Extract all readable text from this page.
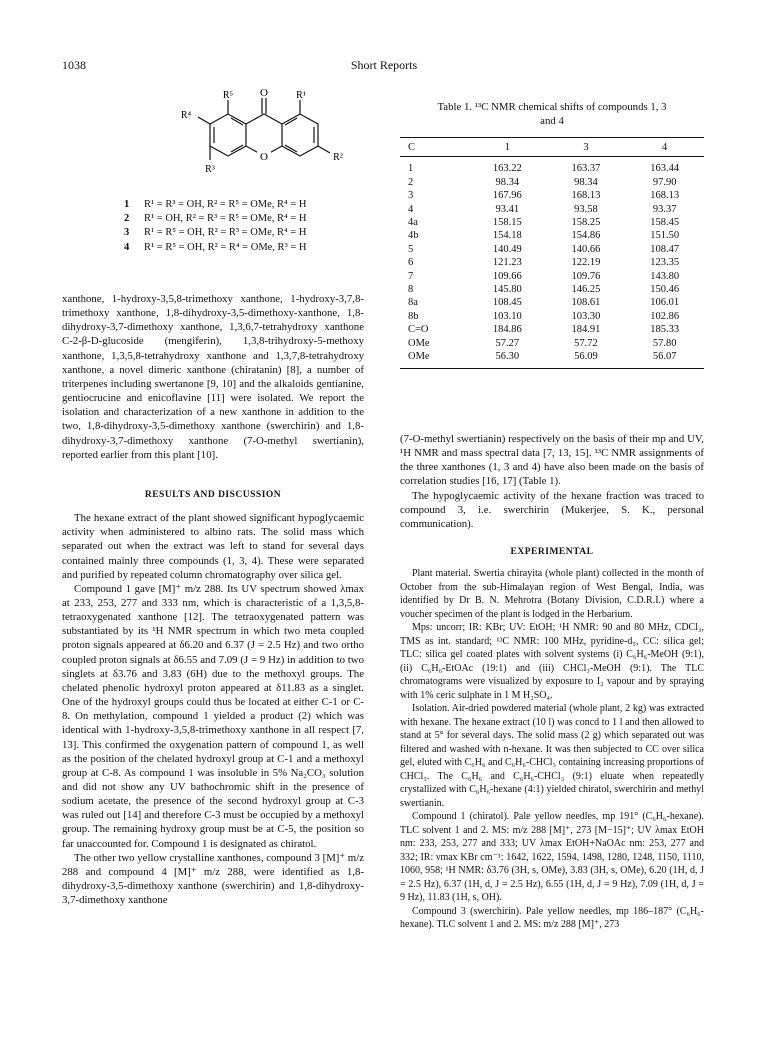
1038	Short Reports
O
O
R⁵	R¹
R⁴
R²
R³
1 R¹ = R³ = OH, R² = R⁵ = OMe, R⁴ = H
2 R¹ = OH, R² = R³ = R⁵ = OMe, R⁴ = H
3 R¹ = R⁵ = OH, R² = R³ = OMe, R⁴ = H
4 R¹ = R⁵ = OH, R² = R⁴ = OMe, R³ = H
Table 1. ¹³C NMR chemical shifts of compounds 1, 3
and 4
C	1	3	4
1	163.22	163.37	163.44
2	98.34	98.34	97.90
3	167.96	168.13	168.13
4	93.41	93.58	93.37
4a	158.15	158.25	158.45
4b	154.18	154.86	151.50
5	140.49	140.66	108.47
6	121.23	122.19	123.35
7	109.66	109.76	143.80
8	145.80	146.25	150.46
8a	108.45	108.61	106.01
8b	103.10	103.30	102.86
C=O	184.86	184.91	185.33
OMe	57.27	57.72	57.80
OMe	56.30	56.09	56.07

xanthone, 1-hydroxy-3,5,8-trimethoxy xanthone, 1-hydroxy-3,7,8-trimethoxy xanthone, 1,8-dihydroxy-3,5-dimethoxy-xanthone, 1,8-dihydroxy-3,7-dimethoxy xanthone, 1,3,6,7-tetrahydroxy xanthone C-2-β-D-glucoside (mengiferin), 1,3,8-trihydroxy-5-methoxy xanthone, 1,3,5,8-tetrahydroxy xanthone and 1,3,7,8-tetrahydroxy xanthone, a novel dimeric xanthone (chiratanin) [8], a number of triterpenes including swertanone [9, 10] and the alkaloids gentianine, gentiocrucine and enicoflavine [11] were isolated. We report the isolation and characterization of a new xanthone in addition to the two, 1,8-dihydroxy-3,5-dimethoxy xanthone (swerchirin) and 1,8-dihydroxy-3,7-dimethoxy xanthone (7-O-methyl swertianin), reported earlier from this plant [10].

RESULTS AND DISCUSSION

The hexane extract of the plant showed significant hypoglycaemic activity when administered to albino rats. The solid mass which separated out when the extract was left to stand for several days contained mainly three compounds (1, 3, 4). These were separated and purified by repeated column chromatography over silica gel.

Compound 1 gave [M]⁺ m/z 288. Its UV spectrum showed λmax at 233, 253, 277 and 333 nm, which is characteristic of a 1,3,5,8-tetraoxygenated xanthone [12]. The tetraoxygenated pattern was substantiated by its ¹H NMR spectrum in which two meta coupled proton signals appeared at δ6.20 and 6.37 (J = 2.5 Hz) and two ortho coupled proton signals at δ6.55 and 7.09 (J = 9 Hz) in addition to two singlets at δ3.76 and 3.83 (6H) due to the methoxyl groups. The chelated phenolic hydroxyl proton appeared at δ11.83 as a singlet. One of the hydroxyl groups could thus be located at either C-1 or C-8. On methylation, compound 1 yielded a product (2) which was identical with 1-hydroxy-3,5,8-trimethoxy xanthone in all respect [7, 13]. This confirmed the oxygenation pattern of compound 1, as well as the position of the chelated hydroxyl group at C-1 and a methoxyl group at C-8. As compound 1 was insoluble in 5% Na₂CO₃ solution and did not show any UV bathochromic shift in the presence of sodium acetate, the presence of the second hydroxyl group at C-3 was ruled out [14] and therefore C-3 must be occupied by a methoxyl group. The remaining hydroxy group must be at C-5, the position so far unaccounted for. Compound 1 is designated as chiratol.

The other two yellow crystalline xanthones, compound 3 [M]⁺ m/z 288 and compound 4 [M]⁺ m/z 288, were identified as 1,8-dihydroxy-3,5-dimethoxy xanthone (swerchirin) and 1,8-dihydroxy-3,7-dimethoxy xanthone

(7-O-methyl swertianin) respectively on the basis of their mp and UV, ¹H NMR and mass spectral data [7, 13, 15]. ¹³C NMR assignments of the three xanthones (1, 3 and 4) have also been made on the basis of correlation studies [16, 17] (Table 1).

The hypoglycaemic activity of the hexane fraction was traced to compound 3, i.e. swerchirin (Mukerjee, S. K., personal communication).

EXPERIMENTAL

Plant material. Swertia chirayita (whole plant) collected in the month of October from the sub-Himalayan region of West Bengal, India, was identified by Dr B. N. Mehrotra (Botany Division, C.D.R.I.) where a voucher specimen of the plant is lodged in the Herbarium.

Mps: uncorr; IR: KBr; UV: EtOH; ¹H NMR: 90 and 80 MHz, CDCl₃, TMS as int. standard; ¹³C NMR: 100 MHz, pyridine-d₅, CC: silica gel; TLC: silica gel coated plates with solvent systems (i) C₆H₆-MeOH (9:1), (ii) C₆H₆-EtOAc (19:1) and (iii) CHCl₃-MeOH (9:1). The TLC chromatograms were visualized by exposure to I₂ vapour and by spraying with 1% ceric sulphate in 1 M H₂SO₄.

Isolation. Air-dried powdered material (whole plant, 2 kg) was extracted with hexane. The hexane extract (10 l) was concd to 1 l and then allowed to stand at 5° for several days. The solid mass (2 g) which separated out was filtered and washed with n-hexane. It was then subjected to CC over silica gel, eluted with C₆H₆ and C₆H₆-CHCl₃ containing increasing proportions of CHCl₃. The C₆H₆ and C₆H₆-CHCl₃ (9:1) eluate when repeatedly crystallized with C₆H₆-hexane (4:1) yielded chiratol, swerchirin and methyl swertianin.

Compound 1 (chiratol). Pale yellow needles, mp 191° (C₆H₆-hexane). TLC solvent 1 and 2. MS: m/z 288 [M]⁺, 273 [M−15]⁺; UV λmax EtOH nm: 233, 253, 277 and 333; UV λmax EtOH+NaOAc nm: 253, 277 and 332; IR: νmax KBr cm⁻¹: 1642, 1622, 1594, 1498, 1280, 1248, 1150, 1110, 1060, 958; ¹H NMR: δ3.76 (3H, s, OMe), 3.83 (3H, s, OMe), 6.20 (1H, d, J = 2.5 Hz), 6.37 (1H, d, J = 2.5 Hz), 6.55 (1H, d, J = 9 Hz), 7.09 (1H, d, J = 9 Hz), 11.83 (1H, s, OH).

Compound 3 (swerchirin). Pale yellow needles, mp 186–187° (C₆H₆-hexane). TLC solvent 1 and 2. MS: m/z 288 [M]⁺, 273
